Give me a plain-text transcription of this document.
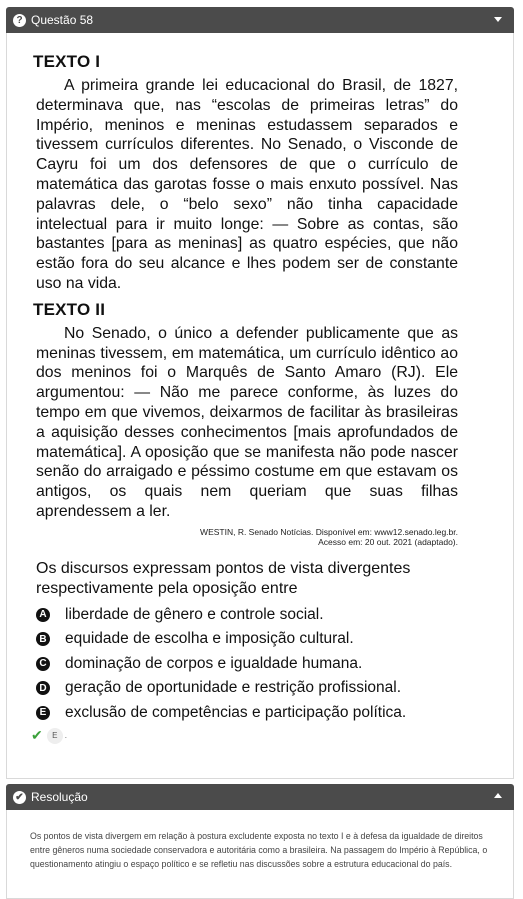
? Questão 58
TEXTO I

A primeira grande lei educacional do Brasil, de 1827, determinava que, nas “escolas de primeiras letras” do Império, meninos e meninas estudassem separados e tivessem currículos diferentes. No Senado, o Visconde de Cayru foi um dos defensores de que o currículo de matemática das garotas fosse o mais enxuto possível. Nas palavras dele, o “belo sexo” não tinha capacidade intelectual para ir muito longe: — Sobre as contas, são bastantes [para as meninas] as quatro espécies, que não estão fora do seu alcance e lhes podem ser de constante uso na vida.

TEXTO II

No Senado, o único a defender publicamente que as meninas tivessem, em matemática, um currículo idêntico ao dos meninos foi o Marquês de Santo Amaro (RJ). Ele argumentou: — Não me parece conforme, às luzes do tempo em que vivemos, deixarmos de facilitar às brasileiras a aquisição desses conhecimentos [mais aprofundados de matemática]. A oposição que se manifesta não pode nascer senão do arraigado e péssimo costume em que estavam os antigos, os quais nem queriam que suas filhas aprendessem a ler.

WESTIN, R. Senado Notícias. Disponível em: www12.senado.leg.br.
Acesso em: 20 out. 2021 (adaptado).
Os discursos expressam pontos de vista divergentes respectivamente pela oposição entre
A liberdade de gênero e controle social.
B equidade de escolha e imposição cultural.
C dominação de corpos e igualdade humana.
D geração de oportunidade e restrição profissional.
E exclusão de competências e participação política.
✔	E .
✔ Resolução
Os pontos de vista divergem em relação à postura excludente exposta no texto I e à defesa da igualdade de direitos entre gêneros numa sociedade conservadora e autoritária como a brasileira. Na passagem do Império à República, o questionamento atingiu o espaço político e se refletiu nas discussões sobre a estrutura educacional do país.
